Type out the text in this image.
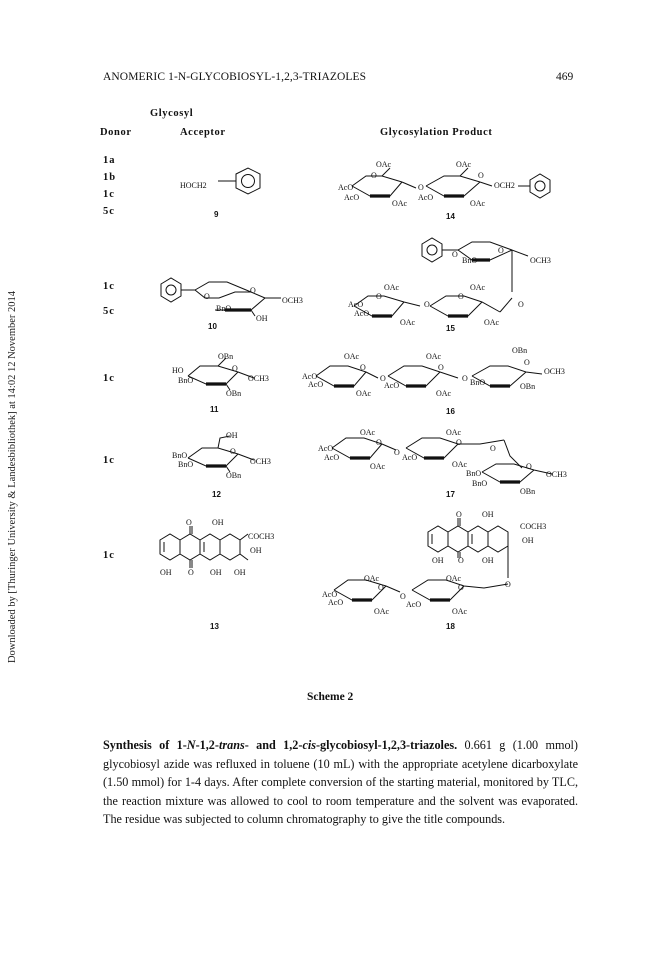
Downloaded by [Thuringer University & Landesbibliothek] at 14:02 12 November 2014
ANOMERIC 1-N-GLYCOBIOSYL-1,2,3-TRIAZOLES	469
Glycosyl
Donor	Acceptor	Glycosylation Product
1a
1b
1c
5c
1c
5c
1c
1c
1c
HOCH2
9
OAc
O
AcO
AcO
OAc
O
OAc
O
AcO
OAc
OCH2
14
O
BnO
O
OCH3
OH
10
BnO
O	O
OCH3
OAc
O
AcO
AcO
OAc
O
OAc
O
OAc
O
15
OBn
HO
BnO
O
OCH3
OBn
11
OAc
O
AcO
AcO
OAc
O
OAc
O
AcO
OAc
O
OBn
O
BnO
OCH3
OBn
16
OH
BnO
BnO
O
OCH3
OBn
12
OAc
O
AcO
AcO
OAc
O
OAc
O
AcO
OAc
O
BnO
BnO
O
OCH3
OBn
17
O	OH
COCH3
OH
OH O OH OH
13
O	OH
COCH3
OH
OH O OH
OAc
O
AcO
AcO
OAc
O
OAc
O
AcO
OAc
O
18
Scheme 2
Synthesis of 1-N-1,2-trans- and 1,2-cis-glycobiosyl-1,2,3-triazoles. 0.661 g (1.00 mmol) glycobiosyl azide was refluxed in toluene (10 mL) with the appropriate acetylene dicarboxylate (1.50 mmol) for 1-4 days. After complete conversion of the starting material, monitored by TLC, the reaction mixture was allowed to cool to room temperature and the solvent was evaporated. The residue was subjected to column chromatography to give the title compounds.
